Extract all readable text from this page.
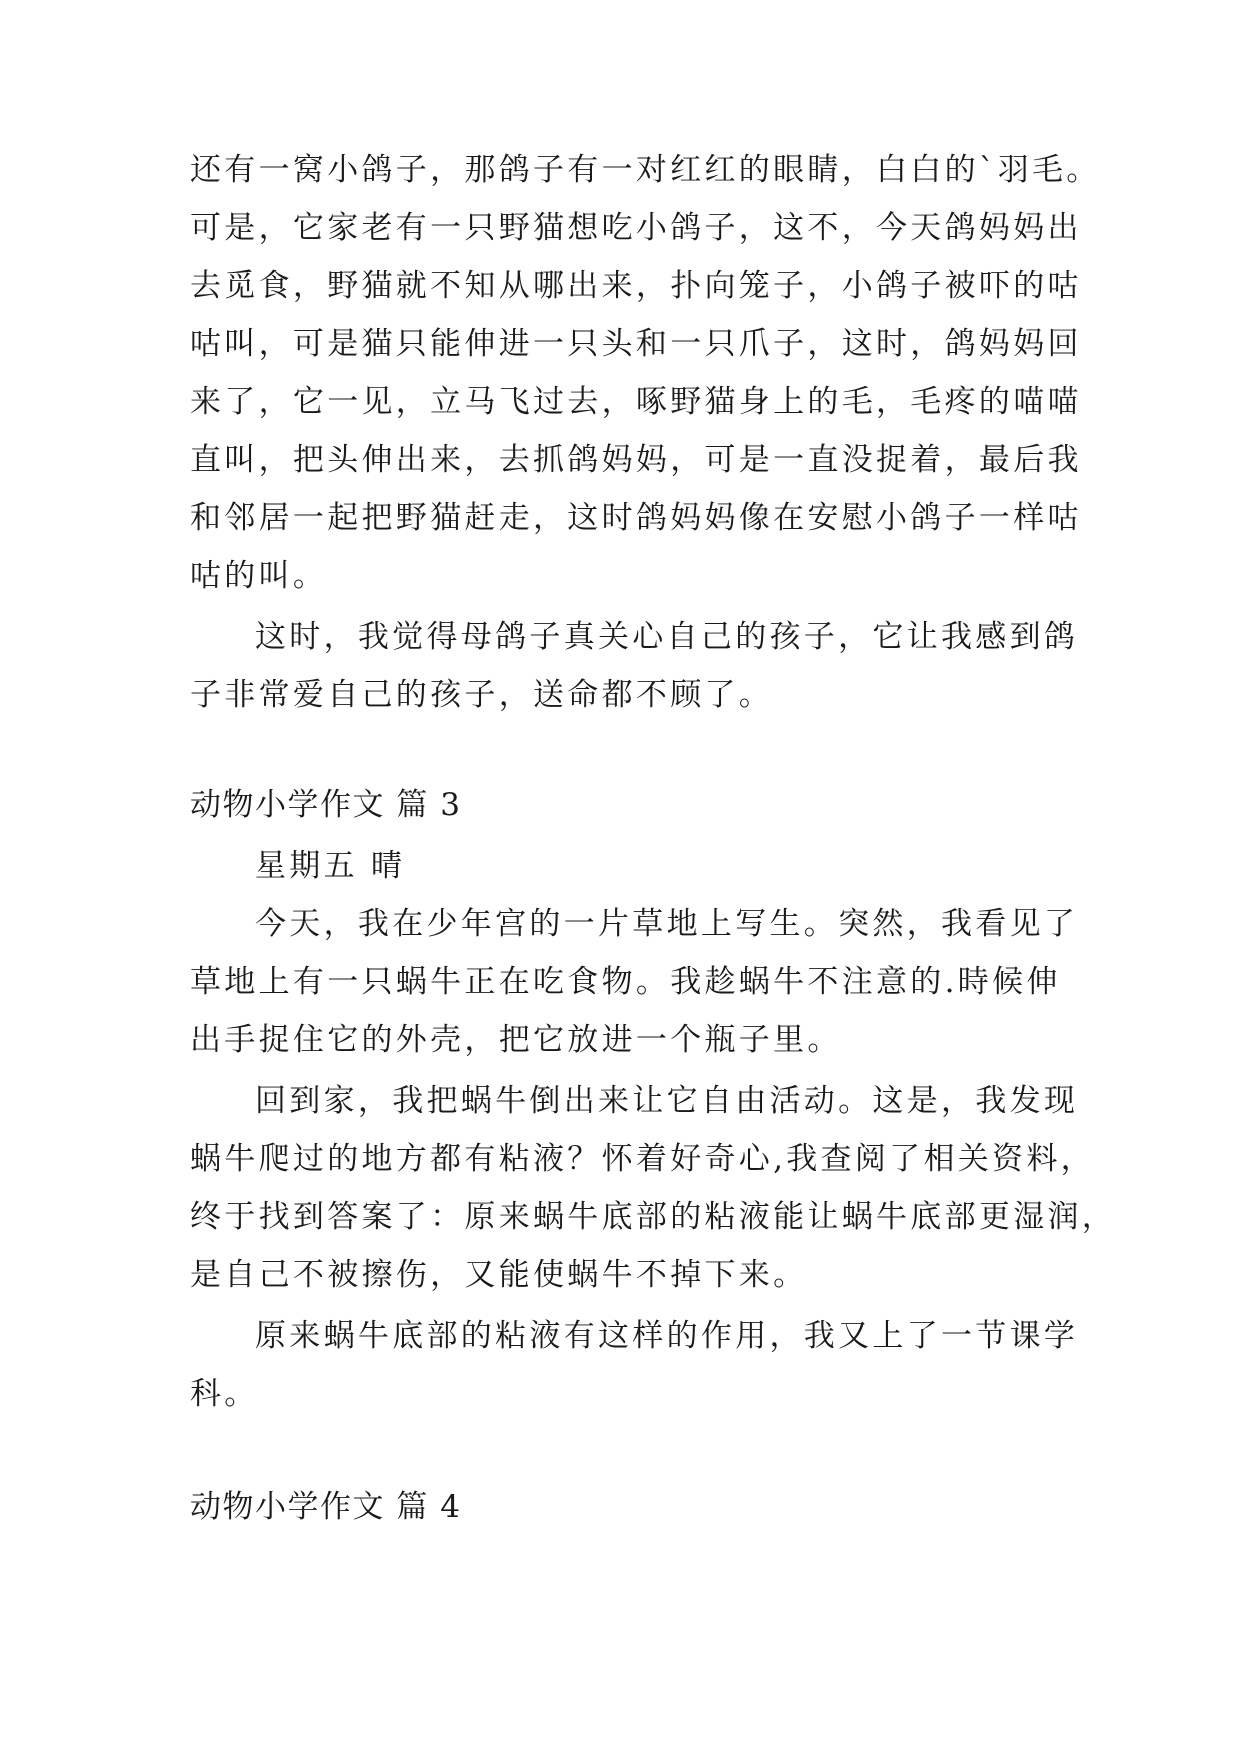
还有一窝小鸽子，那鸽子有一对红红的眼睛，白白的`羽毛。
可是，它家老有一只野猫想吃小鸽子，这不，今天鸽妈妈出
去觅食，野猫就不知从哪出来，扑向笼子，小鸽子被吓的咕
咕叫，可是猫只能伸进一只头和一只爪子，这时，鸽妈妈回
来了，它一见，立马飞过去，啄野猫身上的毛，毛疼的喵喵
直叫，把头伸出来，去抓鸽妈妈，可是一直没捉着，最后我
和邻居一起把野猫赶走，这时鸽妈妈像在安慰小鸽子一样咕
咕的叫。
这时，我觉得母鸽子真关心自己的孩子，它让我感到鸽
子非常爱自己的孩子，送命都不顾了。
动物小学作文 篇 3
星期五 晴
今天，我在少年宫的一片草地上写生。突然，我看见了
草地上有一只蜗牛正在吃食物。我趁蜗牛不注意的.時候伸
出手捉住它的外壳，把它放进一个瓶子里。
回到家，我把蜗牛倒出来让它自由活动。这是，我发现
蜗牛爬过的地方都有粘液？怀着好奇心,我查阅了相关资料，
终于找到答案了：原来蜗牛底部的粘液能让蜗牛底部更湿润，
是自己不被擦伤，又能使蜗牛不掉下来。
原来蜗牛底部的粘液有这样的作用，我又上了一节课学
科。
动物小学作文 篇 4
